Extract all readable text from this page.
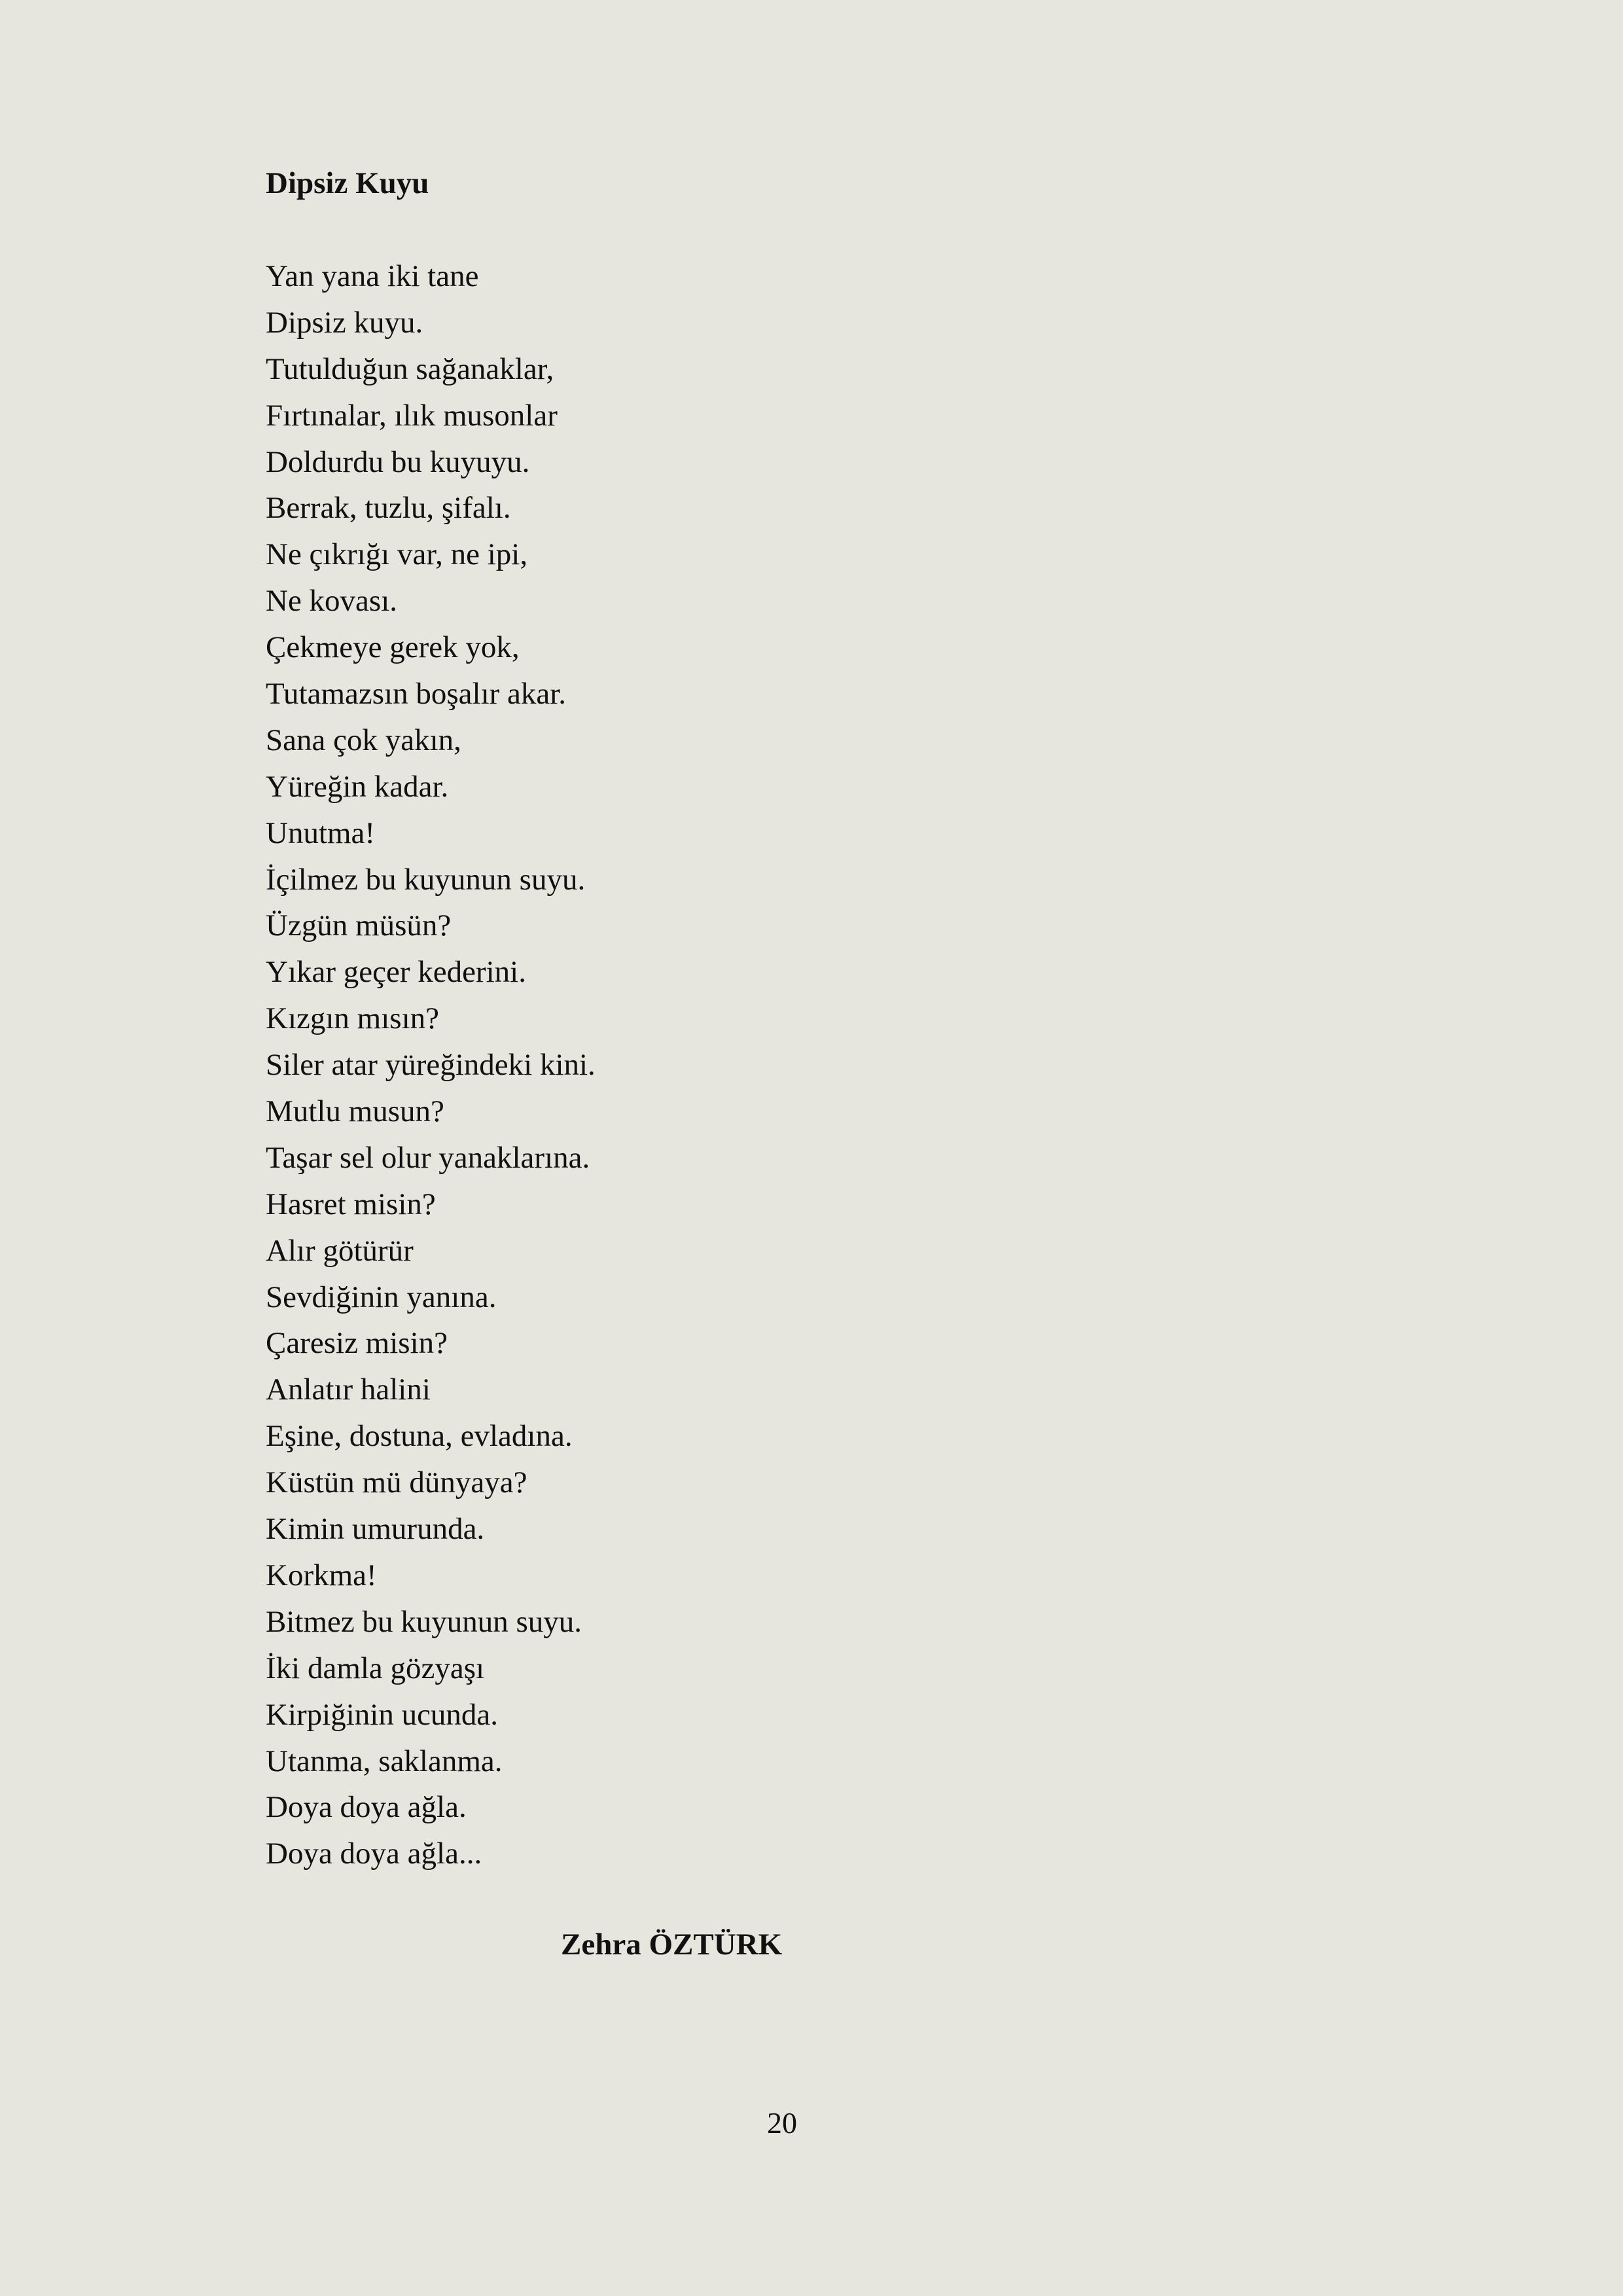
Dipsiz Kuyu
Yan yana iki tane
Dipsiz kuyu.
Tutulduğun sağanaklar,
Fırtınalar, ılık musonlar
Doldurdu bu kuyuyu.
Berrak, tuzlu, şifalı.
Ne çıkrığı var, ne ipi,
Ne kovası.
Çekmeye gerek yok,
Tutamazsın boşalır akar.
Sana çok yakın,
Yüreğin kadar.
Unutma!
İçilmez bu kuyunun suyu.
Üzgün müsün?
Yıkar geçer kederini.
Kızgın mısın?
Siler atar yüreğindeki kini.
Mutlu musun?
Taşar sel olur yanaklarına.
Hasret misin?
Alır götürür
Sevdiğinin yanına.
Çaresiz misin?
Anlatır halini
Eşine, dostuna, evladına.
Küstün mü dünyaya?
Kimin umurunda.
Korkma!
Bitmez bu kuyunun suyu.
İki damla gözyaşı
Kirpiğinin ucunda.
Utanma, saklanma.
Doya doya ağla.
Doya doya ağla...

Zehra ÖZTÜRK

20
